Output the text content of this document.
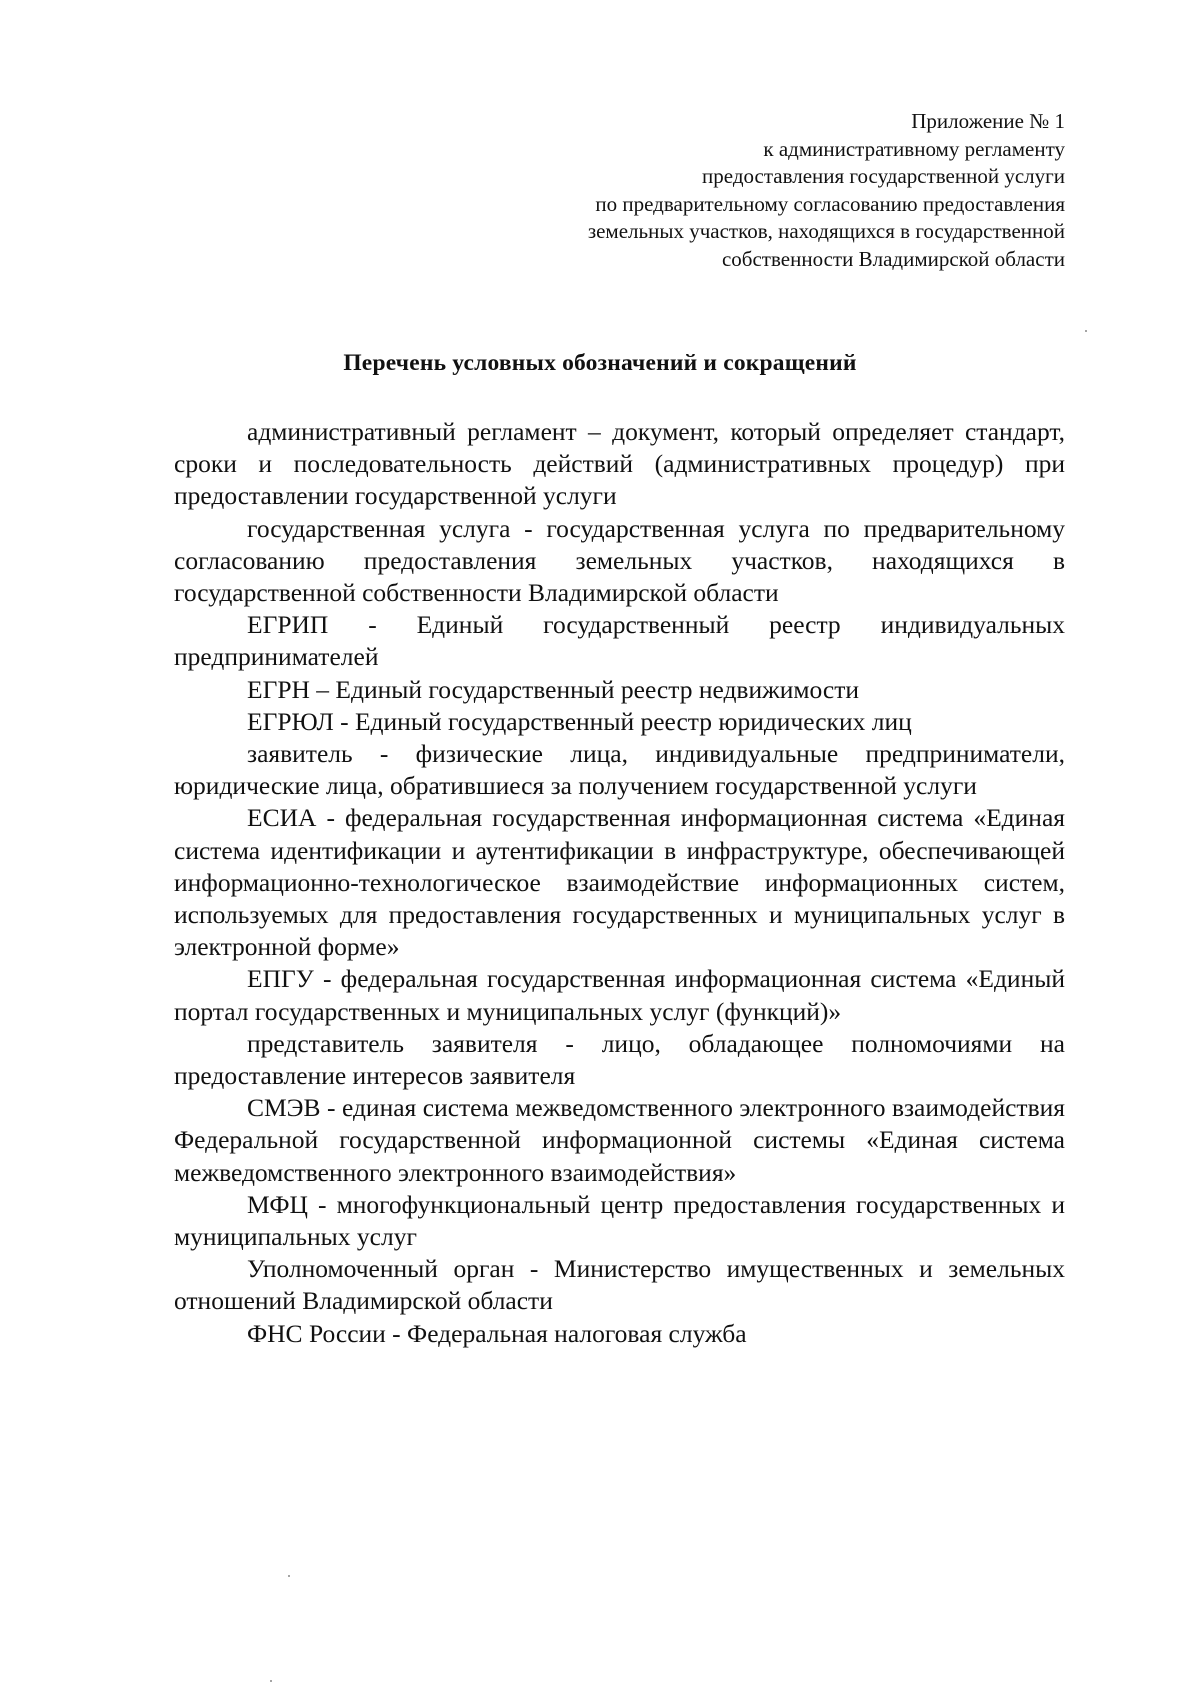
Приложение № 1
к административному регламенту
предоставления государственной услуги
по предварительному согласованию предоставления
земельных участков, находящихся в государственной
собственности Владимирской области
Перечень условных обозначений и сокращений

административный регламент – документ, который определяет стандарт, сроки и последовательность действий (административных процедур) при предоставлении государственной услуги

государственная услуга - государственная услуга по предварительному согласованию предоставления земельных участков, находящихся в государственной собственности Владимирской области

ЕГРИП - Единый государственный реестр индивидуальных предпринимателей

ЕГРН – Единый государственный реестр недвижимости

ЕГРЮЛ - Единый государственный реестр юридических лиц

заявитель - физические лица, индивидуальные предприниматели, юридические лица, обратившиеся за получением государственной услуги

ЕСИА - федеральная государственная информационная система «Единая система идентификации и аутентификации в инфраструктуре, обеспечивающей информационно-технологическое взаимодействие информационных систем, используемых для предоставления государственных и муниципальных услуг в электронной форме»

ЕПГУ - федеральная государственная информационная система «Единый портал государственных и муниципальных услуг (функций)»

представитель заявителя - лицо, обладающее полномочиями на предоставление интересов заявителя

СМЭВ - единая система межведомственного электронного взаимодействия Федеральной государственной информационной системы «Единая система межведомственного электронного взаимодействия»

МФЦ - многофункциональный центр предоставления государственных и муниципальных услуг

Уполномоченный орган - Министерство имущественных и земельных отношений Владимирской области

ФНС России - Федеральная налоговая служба
